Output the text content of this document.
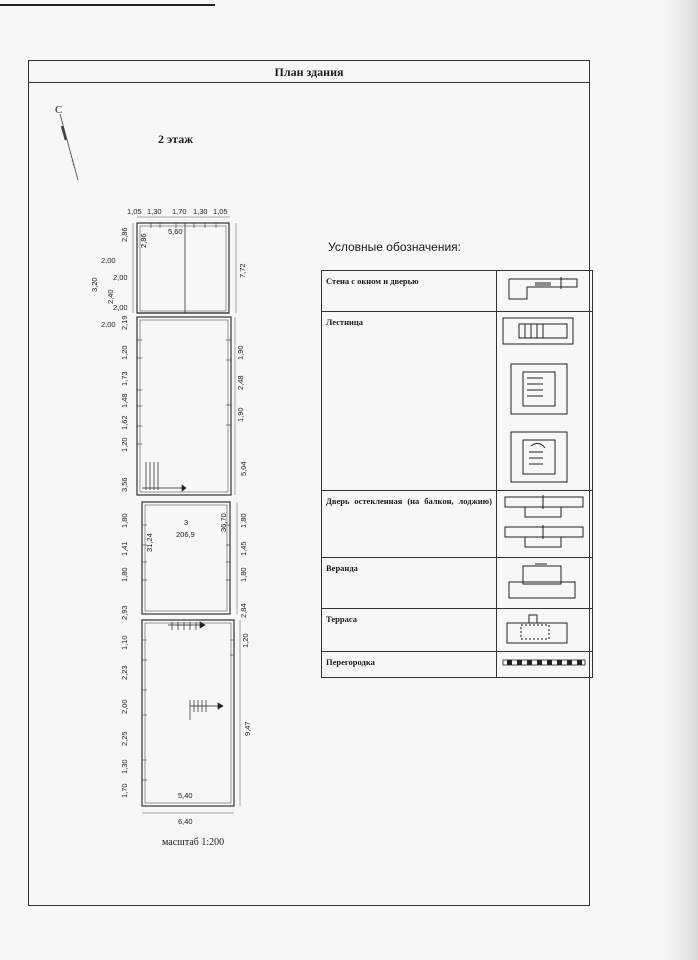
План здания
С
2 этаж
1,05 1,30 1,70 1,30 1,05
5,60
2,86 2,86
2,00
2,00
3,20
2,40
2,00
2,00 2,19
7,72
1,20
1,73
1,48
1,62
1,20
3,56
1,90
2,48
1,90
5,04
3
206,9
31,24
36,70
1,80
1,41
1,80
2,93
1,80
1,45
1,80
2,84
1,10
2,23
2,00
2,25
1,30
1,70
1,20
9,47
5,40
6,40
масштаб 1:200
Условные обозначения:
Стена с окном и дверью	
Лестница	

Дверь остекленная (на балкон, лоджию)

Веранда	
Терраса	
Перегородка	
